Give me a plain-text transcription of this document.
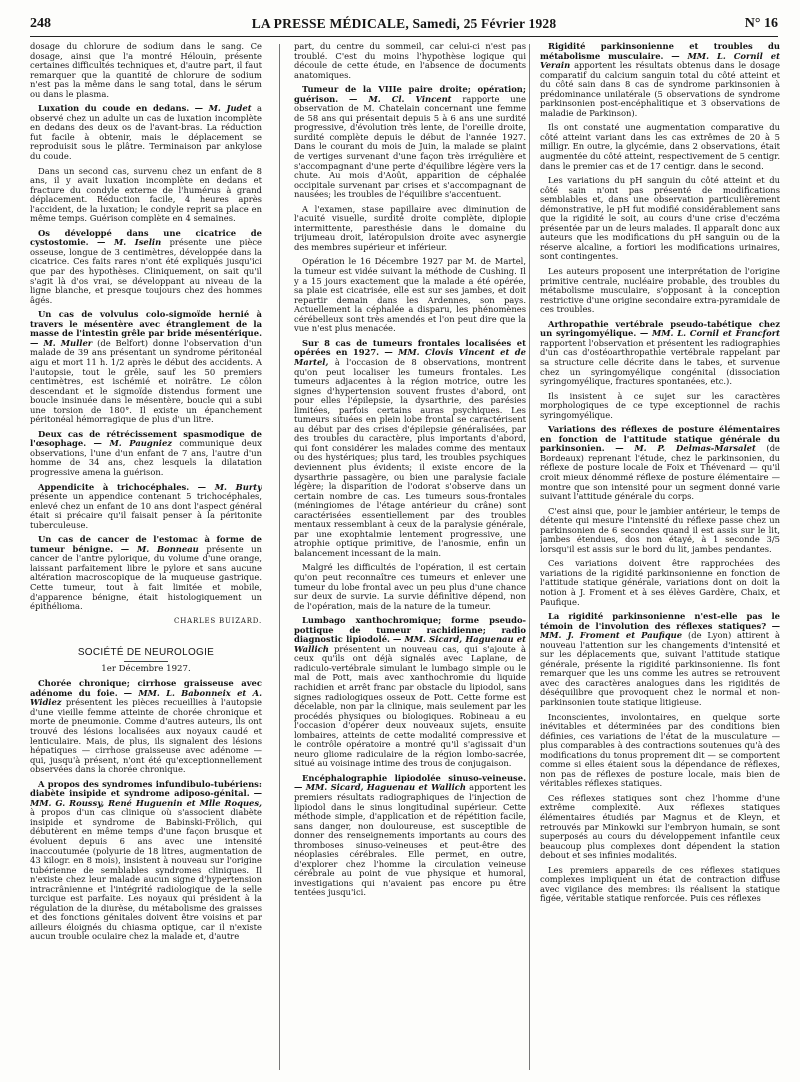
248	LA PRESSE MÉDICALE, Samedi, 25 Février 1928	N° 16

dosage du chlorure de sodium dans le sang. Ce dosage, ainsi que l'a montré Hélouin, présente certaines difficultés techniques et, d'autre part, il faut remarquer que la quantité de chlorure de sodium n'est pas la même dans le sang total, dans le sérum ou dans le plasma.

Luxation du coude en dedans. — M. Judet a observé chez un adulte un cas de luxation incomplète en dedans des deux os de l'avant-bras. La réduction fut facile à obtenir, mais le déplacement se reproduisit sous le plâtre. Terminaison par ankylose du coude.

Dans un second cas, survenu chez un enfant de 8 ans, il y avait luxation incomplète en dedans et fracture du condyle externe de l'humérus à grand déplacement. Réduction facile, 4 heures après l'accident, de la luxation; le condyle reprit sa place en même temps. Guérison complète en 4 semaines.

Os développé dans une cicatrice de cystostomie. — M. Iselin présente une pièce osseuse, longue de 3 centimètres, développée dans la cicatrice. Ces faits rares n'ont été expliqués jusqu'ici que par des hypothèses. Cliniquement, on sait qu'il s'agit là d'os vrai, se développant au niveau de la ligne blanche, et presque toujours chez des hommes âgés.

Un cas de volvulus colo-sigmoïde hernié à travers le mésentère avec étranglement de la masse de l'intestin grêle par bride mésentérique. — M. Muller (de Belfort) donne l'observation d'un malade de 39 ans présentant un syndrome péritonéal aigu et mort 11 h. 1/2 après le début des accidents. A l'autopsie, tout le grêle, sauf les 50 premiers centimètres, est ischémié et noirâtre. Le côlon descendant et le sigmoïde distendus forment une boucle insinuée dans le mésentère, boucle qui a subi une torsion de 180°. Il existe un épanchement péritonéal hémorragique de plus d'un litre.

Deux cas de rétrécissement spasmodique de l'œsophage. — M. Paugniez communique deux observations, l'une d'un enfant de 7 ans, l'autre d'un homme de 34 ans, chez lesquels la dilatation progressive amena la guérison.

Appendicite à trichocéphales. — M. Burty présente un appendice contenant 5 trichocéphales, enlevé chez un enfant de 10 ans dont l'aspect général était si précaire qu'il faisait penser à la péritonite tuberculeuse.

Un cas de cancer de l'estomac à forme de tumeur bénigne. — M. Bonneau présente un cancer de l'antre pylorique, du volume d'une orange, laissant parfaitement libre le pylore et sans aucune altération macroscopique de la muqueuse gastrique. Cette tumeur, tout à fait limitée et mobile, d'apparence bénigne, était histologiquement un épithélioma.

CHARLES BUIZARD.

SOCIÉTÉ DE NEUROLOGIE
1er Décembre 1927.

Chorée chronique; cirrhose graisseuse avec adénome du foie. — MM. L. Babonneix et A. Widiez présentent les pièces recueillies à l'autopsie d'une vieille femme atteinte de chorée chronique et morte de pneumonie. Comme d'autres auteurs, ils ont trouvé des lésions localisées aux noyaux caudé et lenticulaire. Mais, de plus, ils signalent des lésions hépatiques — cirrhose graisseuse avec adénome — qui, jusqu'à présent, n'ont été qu'exceptionnellement observées dans la chorée chronique.

A propos des syndromes infundibulo-tubériens: diabète insipide et syndrome adiposo-génital. — MM. G. Roussy, René Huguenin et Mlle Roques, à propos d'un cas clinique où s'associent diabète insipide et syndrome de Babinski-Frölich, qui débutèrent en même temps d'une façon brusque et évoluent depuis 6 ans avec une intensité inaccoutumée (polyurie de 18 litres, augmentation de 43 kilogr. en 8 mois), insistent à nouveau sur l'origine tubérienne de semblables syndromes cliniques. Il n'existe chez leur malade aucun signe d'hypertension intracrânienne et l'intégrité radiologique de la selle turcique est parfaite. Les noyaux qui président à la régulation de la diurèse, du métabolisme des graisses et des fonctions génitales doivent être voisins et par ailleurs éloignés du chiasma optique, car il n'existe aucun trouble oculaire chez la malade et, d'autre

part, du centre du sommeil, car celui-ci n'est pas troublé. C'est du moins l'hypothèse logique qui découle de cette étude, en l'absence de documents anatomiques.

Tumeur de la VIIIe paire droite; opération; guérison. — M. Cl. Vincent rapporte une observation de M. Chatelain concernant une femme de 58 ans qui présentait depuis 5 à 6 ans une surdité progressive, d'évolution très lente, de l'oreille droite, surdité complète depuis le début de l'année 1927. Dans le courant du mois de Juin, la malade se plaint de vertiges survenant d'une façon très irrégulière et s'accompagnant d'une perte d'équilibre légère vers la chute. Au mois d'Août, apparition de céphalée occipitale survenant par crises et s'accompagnant de nausées; les troubles de l'équilibre s'accentuent.

A l'examen, stase papillaire avec diminution de l'acuité visuelle, surdité droite complète, diplopie intermittente, paresthésie dans le domaine du trijumeau droit, latéropulsion droite avec asynergie des membres supérieur et inférieur.

Opération le 16 Décembre 1927 par M. de Martel, la tumeur est vidée suivant la méthode de Cushing. Il y a 15 jours exactement que la malade a été opérée, sa plaie est cicatrisée, elle est sur ses jambes, et doit repartir demain dans les Ardennes, son pays. Actuellement la céphalée a disparu, les phénomènes cérébelleux sont très amendés et l'on peut dire que la vue n'est plus menacée.

Sur 8 cas de tumeurs frontales localisées et opérées en 1927. — MM. Clovis Vincent et de Martel, à l'occasion de 8 observations, montrent qu'on peut localiser les tumeurs frontales. Les tumeurs adjacentes à la région motrice, outre les signes d'hypertension souvent frustes d'abord, ont pour elles l'épilepsie, la dysarthrie, des parésies limitées, parfois certains auras psychiques. Les tumeurs situées en plein lobe frontal se caractérisent au début par des crises d'épilepsie généralisées, par des troubles du caractère, plus importants d'abord, qui font considérer les malades comme des mentaux ou des hystériques; plus tard, les troubles psychiques deviennent plus évidents; il existe encore de la dysarthrie passagère, ou bien une paralysie faciale légère; la disparition de l'odorat s'observe dans un certain nombre de cas. Les tumeurs sous-frontales (méningiomes de l'étage antérieur du crâne) sont caractérisées essentiellement par des troubles mentaux ressemblant à ceux de la paralysie générale, par une exophtalmie lentement progressive, une atrophie optique primitive, de l'anosmie, enfin un balancement incessant de la main.

Malgré les difficultés de l'opération, il est certain qu'on peut reconnaître ces tumeurs et enlever une tumeur du lobe frontal avec un peu plus d'une chance sur deux de survie. La survie définitive dépend, non de l'opération, mais de la nature de la tumeur.

Lumbago xanthochromique; forme pseudo-pottique de tumeur rachidienne; radio diagnostic lipiodolé. — MM. Sicard, Haguenau et Wallich présentent un nouveau cas, qui s'ajoute à ceux qu'ils ont déjà signalés avec Laplane, de radiculo-vertébrale simulant le lumbago simple ou le mal de Pott, mais avec xanthochromie du liquide rachidien et arrêt franc par obstacle du lipiodol, sans signes radiologiques osseux de Pott. Cette forme est décelable, non par la clinique, mais seulement par les procédés physiques ou biologiques. Robineau a eu l'occasion d'opérer deux nouveaux sujets, ensuite lombaires, atteints de cette modalité compressive et le contrôle opératoire a montré qu'il s'agissait d'un neuro gliome radiculaire de la région lombo-sacrée, situé au voisinage intime des trous de conjugaison.

Encéphalographie lipiodolée sinuso-veineuse. — MM. Sicard, Haguenau et Wallich apportent les premiers résultats radiographiques de l'injection de lipiodol dans le sinus longitudinal supérieur. Cette méthode simple, d'application et de répétition facile, sans danger, non douloureuse, est susceptible de donner des renseignements importants au cours des thromboses sinuso-veineuses et peut-être des néoplasies cérébrales. Elle permet, en outre, d'explorer chez l'homme la circulation veineuse cérébrale au point de vue physique et humoral, investigations qui n'avaient pas encore pu être tentées jusqu'ici.

Rigidité parkinsonienne et troubles du métabolisme musculaire. — MM. L. Cornil et Verain apportent les résultats obtenus dans le dosage comparatif du calcium sanguin total du côté atteint et du côté sain dans 8 cas de syndrome parkinsonien à prédominance unilatérale (5 observations de syndrome parkinsonien post-encéphalitique et 3 observations de maladie de Parkinson).

Ils ont constaté une augmentation comparative du côté atteint variant dans les cas extrêmes de 20 à 5 milligr. En outre, la glycémie, dans 2 observations, était augmentée du côté atteint, respectivement de 5 centigr. dans le premier cas et de 17 centigr. dans le second.

Les variations du pH sanguin du côté atteint et du côté sain n'ont pas présenté de modifications semblables et, dans une observation particulièrement démonstrative, le pH fut modifié considérablement sans que la rigidité le soit, au cours d'une crise d'eczéma présentée par un de leurs malades. Il apparaît donc aux auteurs que les modifications du pH sanguin ou de la réserve alcaline, a fortiori les modifications urinaires, sont contingentes.

Les auteurs proposent une interprétation de l'origine primitive centrale, nucléaire probable, des troubles du métabolisme musculaire, s'opposant à la conception restrictive d'une origine secondaire extra-pyramidale de ces troubles.

Arthropathie vertébrale pseudo-tabétique chez un syringomyélique. — MM. L. Cornil et Francfort rapportent l'observation et présentent les radiographies d'un cas d'ostéoarthropathie vertébrale rappelant par sa structure celle décrite dans le tabes, et survenue chez un syringomyélique congénital (dissociation syringomyélique, fractures spontanées, etc.).

Ils insistent à ce sujet sur les caractères morphologiques de ce type exceptionnel de rachis syringomyélique.

Variations des réflexes de posture élémentaires en fonction de l'attitude statique générale du parkinsonien. — M. P. Delmas-Marsalet (de Bordeaux) reprenant l'étude, chez le parkinsonien, du réflexe de posture locale de Foix et Thévenard — qu'il croit mieux dénommé réflexe de posture élémentaire — montre que son intensité pour un segment donné varie suivant l'attitude générale du corps.

C'est ainsi que, pour le jambier antérieur, le temps de détente qui mesure l'intensité du réflexe passe chez un parkinsonien de 6 secondes quand il est assis sur le lit, jambes étendues, dos non étayé, à 1 seconde 3/5 lorsqu'il est assis sur le bord du lit, jambes pendantes.

Ces variations doivent être rapprochées des variations de la rigidité parkinsonienne en fonction de l'attitude statique générale, variations dont on doit la notion à J. Froment et à ses élèves Gardère, Chaix, et Paufique.

La rigidité parkinsonienne n'est-elle pas le témoin de l'involution des réflexes statiques? — MM. J. Froment et Paufique (de Lyon) attirent à nouveau l'attention sur les changements d'intensité et sur les déplacements que, suivant l'attitude statique générale, présente la rigidité parkinsonienne. Ils font remarquer que les uns comme les autres se retrouvent avec des caractères analogues dans les rigidités de déséquilibre que provoquent chez le normal et non-parkinsonien toute statique litigieuse.

Inconscientes, involontaires, en quelque sorte inévitables et déterminées par des conditions bien définies, ces variations de l'état de la musculature — plus comparables à des contractions soutenues qu'à des modifications du tonus proprement dit — se comportent comme si elles étaient sous la dépendance de réflexes, non pas de réflexes de posture locale, mais bien de véritables réflexes statiques.

Ces réflexes statiques sont chez l'homme d'une extrême complexité. Aux réflexes statiques élémentaires étudiés par Magnus et de Kleyn, et retrouvés par Minkowki sur l'embryon humain, se sont superposés au cours du développement infantile ceux beaucoup plus complexes dont dépendent la station debout et ses infinies modalités.

Les premiers appareils de ces réflexes statiques complexes impliquent un état de contraction diffuse avec vigilance des membres: ils réalisent la statique figée, véritable statique renforcée. Puis ces réflexes
